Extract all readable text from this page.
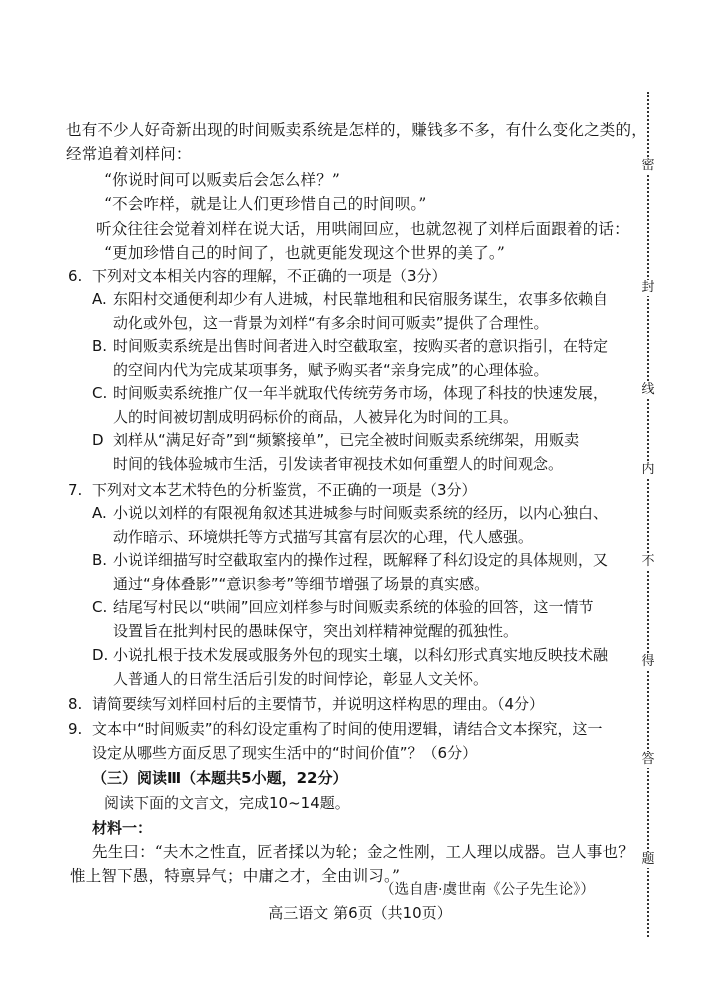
也有不少人好奇新出现的时间贩卖系统是怎样的，赚钱多不多，有什么变化之类的，
经常追着刘样问：
“你说时间可以贩卖后会怎么样？”
“不会咋样，就是让人们更珍惜自己的时间呗。”
听众往往会觉着刘样在说大话，用哄闹回应，也就忽视了刘样后面跟着的话：
“更加珍惜自己的时间了，也就更能发现这个世界的美了。”
6. 下列对文本相关内容的理解，不正确的一项是（3分）
A. 东阳村交通便利却少有人进城，村民靠地租和民宿服务谋生，农事多依赖自
动化或外包，这一背景为刘样“有多余时间可贩卖”提供了合理性。
B. 时间贩卖系统是出售时间者进入时空截取室，按购买者的意识指引，在特定
的空间内代为完成某项事务，赋予购买者“亲身完成”的心理体验。
C. 时间贩卖系统推广仅一年半就取代传统劳务市场，体现了科技的快速发展，
人的时间被切割成明码标价的商品，人被异化为时间的工具。
D 刘样从“满足好奇”到“频繁接单”，已完全被时间贩卖系统绑架，用贩卖
时间的钱体验城市生活，引发读者审视技术如何重塑人的时间观念。
7. 下列对文本艺术特色的分析鉴赏，不正确的一项是（3分）
A. 小说以刘样的有限视角叙述其进城参与时间贩卖系统的经历，以内心独白、
动作暗示、环境烘托等方式描写其富有层次的心理，代人感强。
B. 小说详细描写时空截取室内的操作过程，既解释了科幻设定的具体规则，又
通过“身体叠影”“意识参考”等细节增强了场景的真实感。
C. 结尾写村民以“哄闹”回应刘样参与时间贩卖系统的体验的回答，这一情节
设置旨在批判村民的愚昧保守，突出刘样精神觉醒的孤独性。
D. 小说扎根于技术发展或服务外包的现实土壤，以科幻形式真实地反映技术融
人普通人的日常生活后引发的时间悖论，彰显人文关怀。
8. 请简要续写刘样回村后的主要情节，并说明这样构思的理由。（4分）
9. 文本中“时间贩卖”的科幻设定重构了时间的使用逻辑，请结合文本探究，这一
设定从哪些方面反思了现实生活中的“时间价值”？（6分）
（三）阅读Ⅲ（本题共5小题，22分）
阅读下面的文言文，完成10~14题。
材料一：
先生曰：“夫木之性直，匠者揉以为轮；金之性刚，工人理以成器。岂人事也？
惟上智下愚，特禀异气；中庸之才，全由训习。”
（选自唐·虞世南《公子先生论》）
高三语文 第6页（共10页）
密
封
线
内
不
得
答
题
